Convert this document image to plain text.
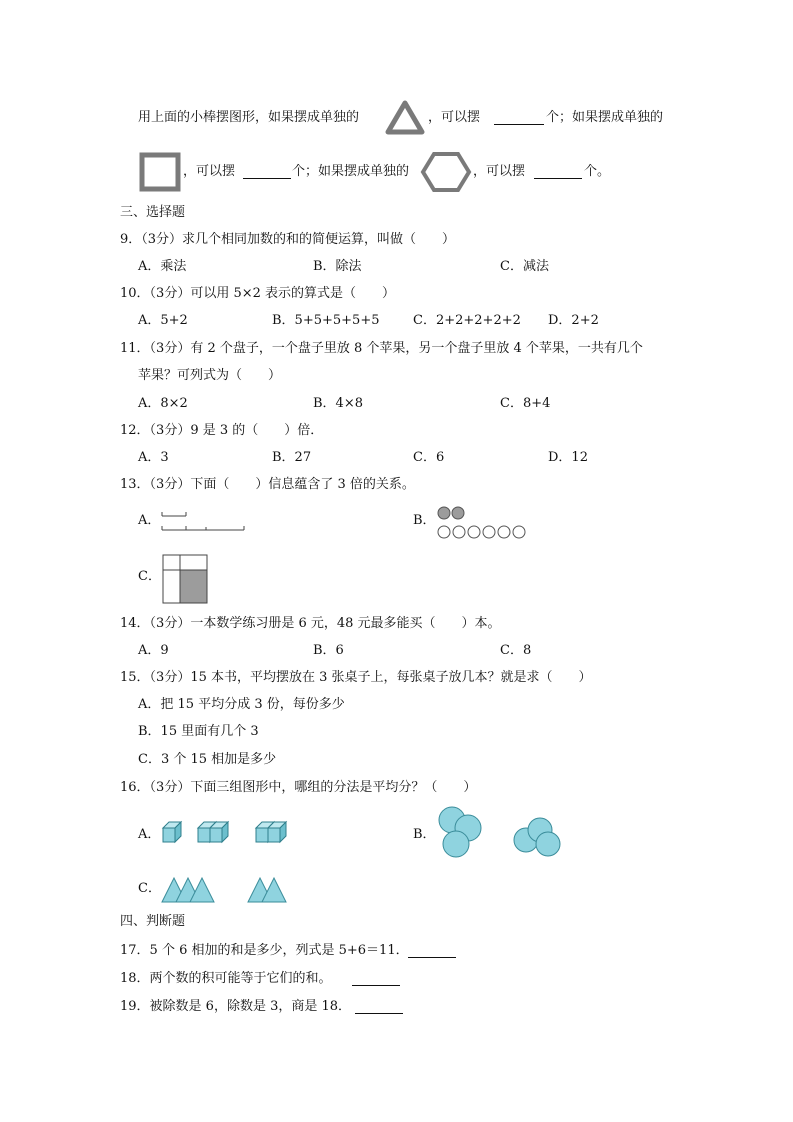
用上面的小棒摆图形，如果摆成单独的	，可以摆	个；如果摆成单独的
，可以摆	个；如果摆成单独的	，可以摆	个。
三、选择题
9．（3分）求几个相同加数的和的简便运算，叫做（　　）
A．乘法	B．除法	C．减法
10．（3分）可以用 5×2 表示的算式是（　　）
A．5+2	B．5+5+5+5+5	C．2+2+2+2+2 D．2+2
11．（3分）有 2 个盘子，一个盘子里放 8 个苹果，另一个盘子里放 4 个苹果，一共有几个
苹果？可列式为（　　）
A．8×2	B．4×8	C．8+4
12．（3分）9 是 3 的（　　）倍．
A．3	B．27	C．6	D．12
13．（3分）下面（　　）信息蕴含了 3 倍的关系。
A．	B．
C．
14．（3分）一本数学练习册是 6 元，48 元最多能买（　　）本。
A．9	B．6	C．8
15．（3分）15 本书，平均摆放在 3 张桌子上，每张桌子放几本？就是求（　　）
A．把 15 平均分成 3 份，每份多少
B．15 里面有几个 3
C．3 个 15 相加是多少
16．（3分）下面三组图形中，哪组的分法是平均分？（　　）
A．	B．
C．
四、判断题
17．5 个 6 相加的和是多少，列式是 5+6＝11．
18．两个数的积可能等于它们的和。
19．被除数是 6，除数是 3，商是 18．
